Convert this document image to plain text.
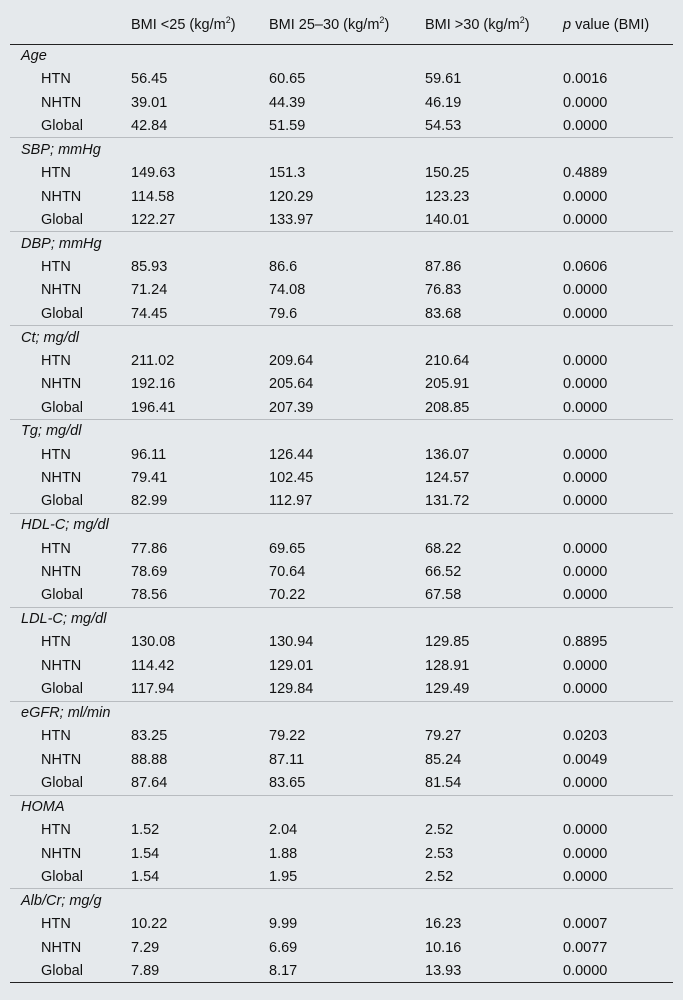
	BMI <25 $(kg/m^2)$	BMI 25–30 $(kg/m^2)$	BMI >30 $(kg/m^2)$	p value (BMI)
Age				
HTN	56.45	60.65	59.61	0.0016
NHTN	39.01	44.39	46.19	0.0000
Global	42.84	51.59	54.53	0.0000
SBP; mmHg				
HTN	149.63	151.3	150.25	0.4889
NHTN	114.58	120.29	123.23	0.0000
Global	122.27	133.97	140.01	0.0000
DBP; mmHg				
HTN	85.93	86.6	87.86	0.0606
NHTN	71.24	74.08	76.83	0.0000
Global	74.45	79.6	83.68	0.0000
Ct; mg/dl				
HTN	211.02	209.64	210.64	0.0000
NHTN	192.16	205.64	205.91	0.0000
Global	196.41	207.39	208.85	0.0000
Tg; mg/dl				
HTN	96.11	126.44	136.07	0.0000
NHTN	79.41	102.45	124.57	0.0000
Global	82.99	112.97	131.72	0.0000
HDL-C; mg/dl				
HTN	77.86	69.65	68.22	0.0000
NHTN	78.69	70.64	66.52	0.0000
Global	78.56	70.22	67.58	0.0000
LDL-C; mg/dl				
HTN	130.08	130.94	129.85	0.8895
NHTN	114.42	129.01	128.91	0.0000
Global	117.94	129.84	129.49	0.0000
eGFR; ml/min				
HTN	83.25	79.22	79.27	0.0203
NHTN	88.88	87.11	85.24	0.0049
Global	87.64	83.65	81.54	0.0000
HOMA				
HTN	1.52	2.04	2.52	0.0000
NHTN	1.54	1.88	2.53	0.0000
Global	1.54	1.95	2.52	0.0000
Alb/Cr; mg/g				
HTN	10.22	9.99	16.23	0.0007
NHTN	7.29	6.69	10.16	0.0077
Global	7.89	8.17	13.93	0.0000
